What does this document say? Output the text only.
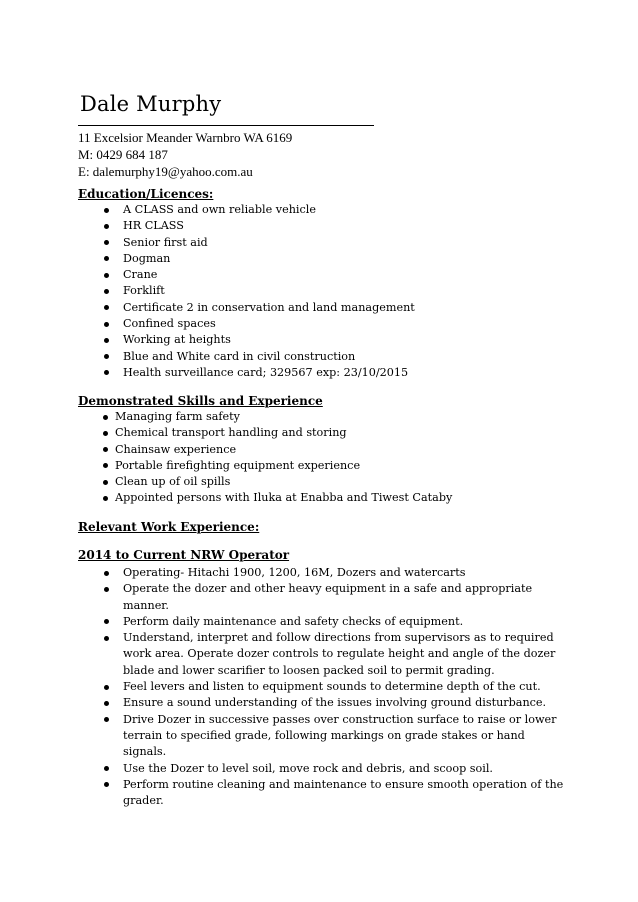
Dale Murphy
11 Excelsior Meander Warnbro WA 6169
M: 0429 684 187
E: dalemurphy19@yahoo.com.au
Education/Licences:
A CLASS and own reliable vehicle
HR CLASS
Senior first aid
Dogman
Crane
Forklift
Certificate 2 in conservation and land management
Confined spaces
Working at heights
Blue and White card in civil construction
Health surveillance card; 329567 exp: 23/10/2015
Demonstrated Skills and Experience
Managing farm safety
Chemical transport handling and storing
Chainsaw experience
Portable firefighting equipment experience
Clean up of oil spills
Appointed persons with Iluka at Enabba and Tiwest Cataby
Relevant Work Experience:
2014 to Current NRW Operator
Operating- Hitachi 1900, 1200, 16M, Dozers and watercarts
Operate the dozer and other heavy equipment in a safe and appropriate manner.
Perform daily maintenance and safety checks of equipment.
Understand, interpret and follow directions from supervisors as to required work area. Operate dozer controls to regulate height and angle of the dozer blade and lower scarifier to loosen packed soil to permit grading.
Feel levers and listen to equipment sounds to determine depth of the cut.
Ensure a sound understanding of the issues involving ground disturbance.
Drive Dozer in successive passes over construction surface to raise or lower terrain to specified grade, following markings on grade stakes or hand signals.
Use the Dozer to level soil, move rock and debris, and scoop soil.
Perform routine cleaning and maintenance to ensure smooth operation of the grader.
